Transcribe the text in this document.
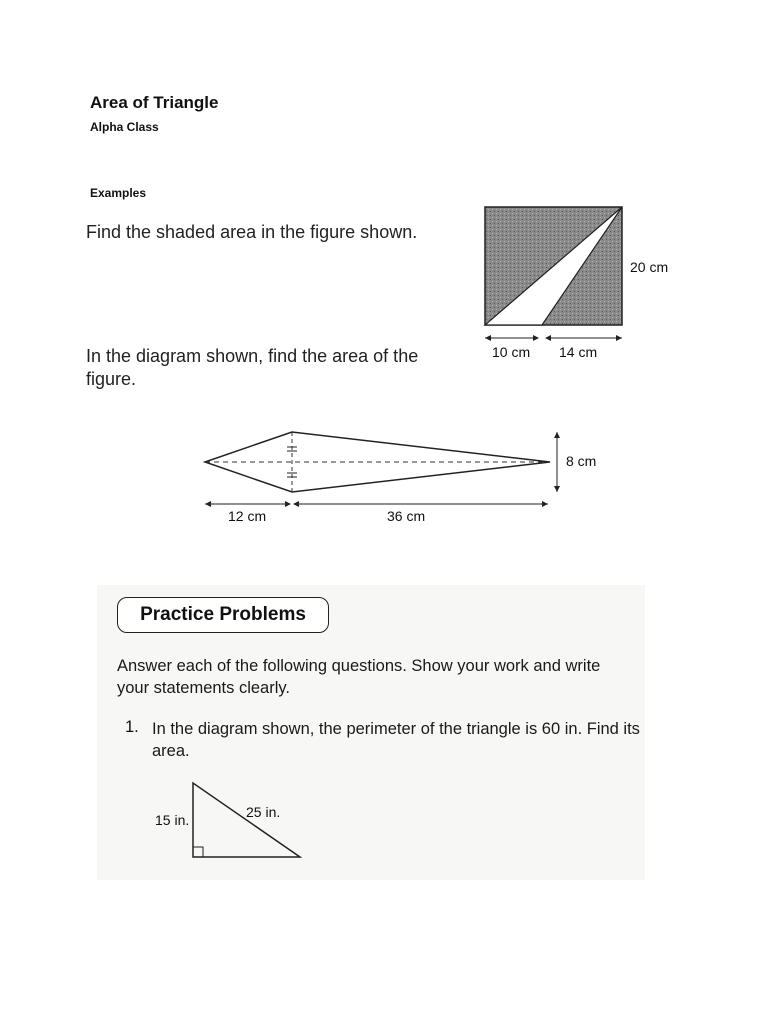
Area of Triangle
Alpha Class
Examples
Find the shaded area in the figure shown.
20 cm
10 cm 14 cm
In the diagram shown, find the area of the figure.
8 cm
12 cm	36 cm
Practice Problems
Answer each of the following questions. Show your work and write your statements clearly.
1. In the diagram shown, the perimeter of the triangle is 60 in. Find its area.
15 in.	25 in.
